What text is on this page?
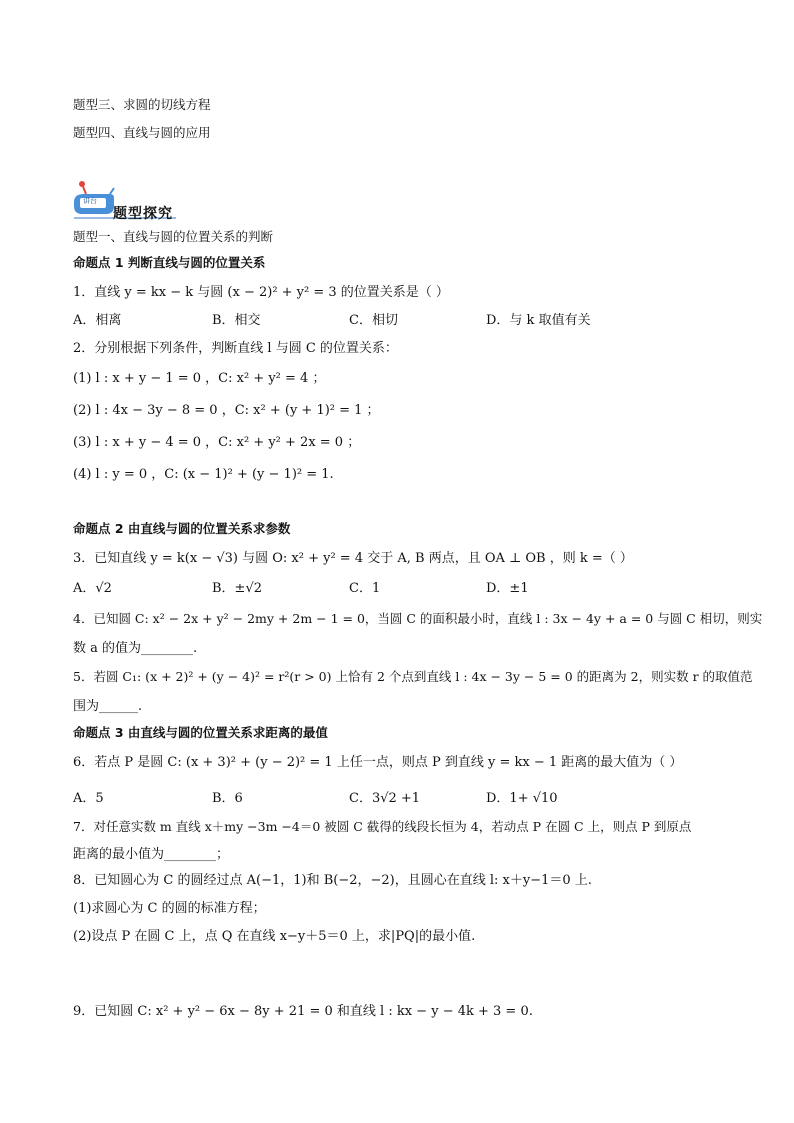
题型三、求圆的切线方程
题型四、直线与圆的应用
讲台
题型探究
题型一、直线与圆的位置关系的判断
命题点 1 判断直线与圆的位置关系
1．直线 y = kx − k 与圆 (x − 2)² + y² = 3 的位置关系是（ ）
A．相离	B．相交	C．相切	D．与 k 取值有关
2．分别根据下列条件，判断直线 l 与圆 C 的位置关系：
(1) l : x + y − 1 = 0 ，C: x² + y² = 4 ；
(2) l : 4x − 3y − 8 = 0 ，C: x² + (y + 1)² = 1 ；
(3) l : x + y − 4 = 0 ，C: x² + y² + 2x = 0 ；
(4) l : y = 0 ，C: (x − 1)² + (y − 1)² = 1.
命题点 2 由直线与圆的位置关系求参数
3．已知直线 y = k(x − √3) 与圆 O: x² + y² = 4 交于 A, B 两点，且 OA ⊥ OB ，则 k =（ ）
A．√2	B．±√2	C．1	D．±1
4．已知圆 C: x² − 2x + y² − 2my + 2m − 1 = 0，当圆 C 的面积最小时，直线 l : 3x − 4y + a = 0 与圆 C 相切，则实
数 a 的值为________.
5．若圆 C₁: (x + 2)² + (y − 4)² = r²(r > 0) 上恰有 2 个点到直线 l : 4x − 3y − 5 = 0 的距离为 2，则实数 r 的取值范
围为______.
命题点 3 由直线与圆的位置关系求距离的最值
6．若点 P 是圆 C: (x + 3)² + (y − 2)² = 1 上任一点，则点 P 到直线 y = kx − 1 距离的最大值为（ ）
A．5	B．6	C．3√2 +1	D．1+ √10
7．对任意实数 m 直线 x＋my −3m −4＝0 被圆 C 截得的线段长恒为 4，若动点 P 在圆 C 上，则点 P 到原点
距离的最小值为________；
8．已知圆心为 C 的圆经过点 A(−1，1)和 B(−2，−2)，且圆心在直线 l: x＋y−1＝0 上.
(1)求圆心为 C 的圆的标准方程；
(2)设点 P 在圆 C 上，点 Q 在直线 x−y＋5＝0 上，求|PQ|的最小值.
9．已知圆 C: x² + y² − 6x − 8y + 21 = 0 和直线 l : kx − y − 4k + 3 = 0.
